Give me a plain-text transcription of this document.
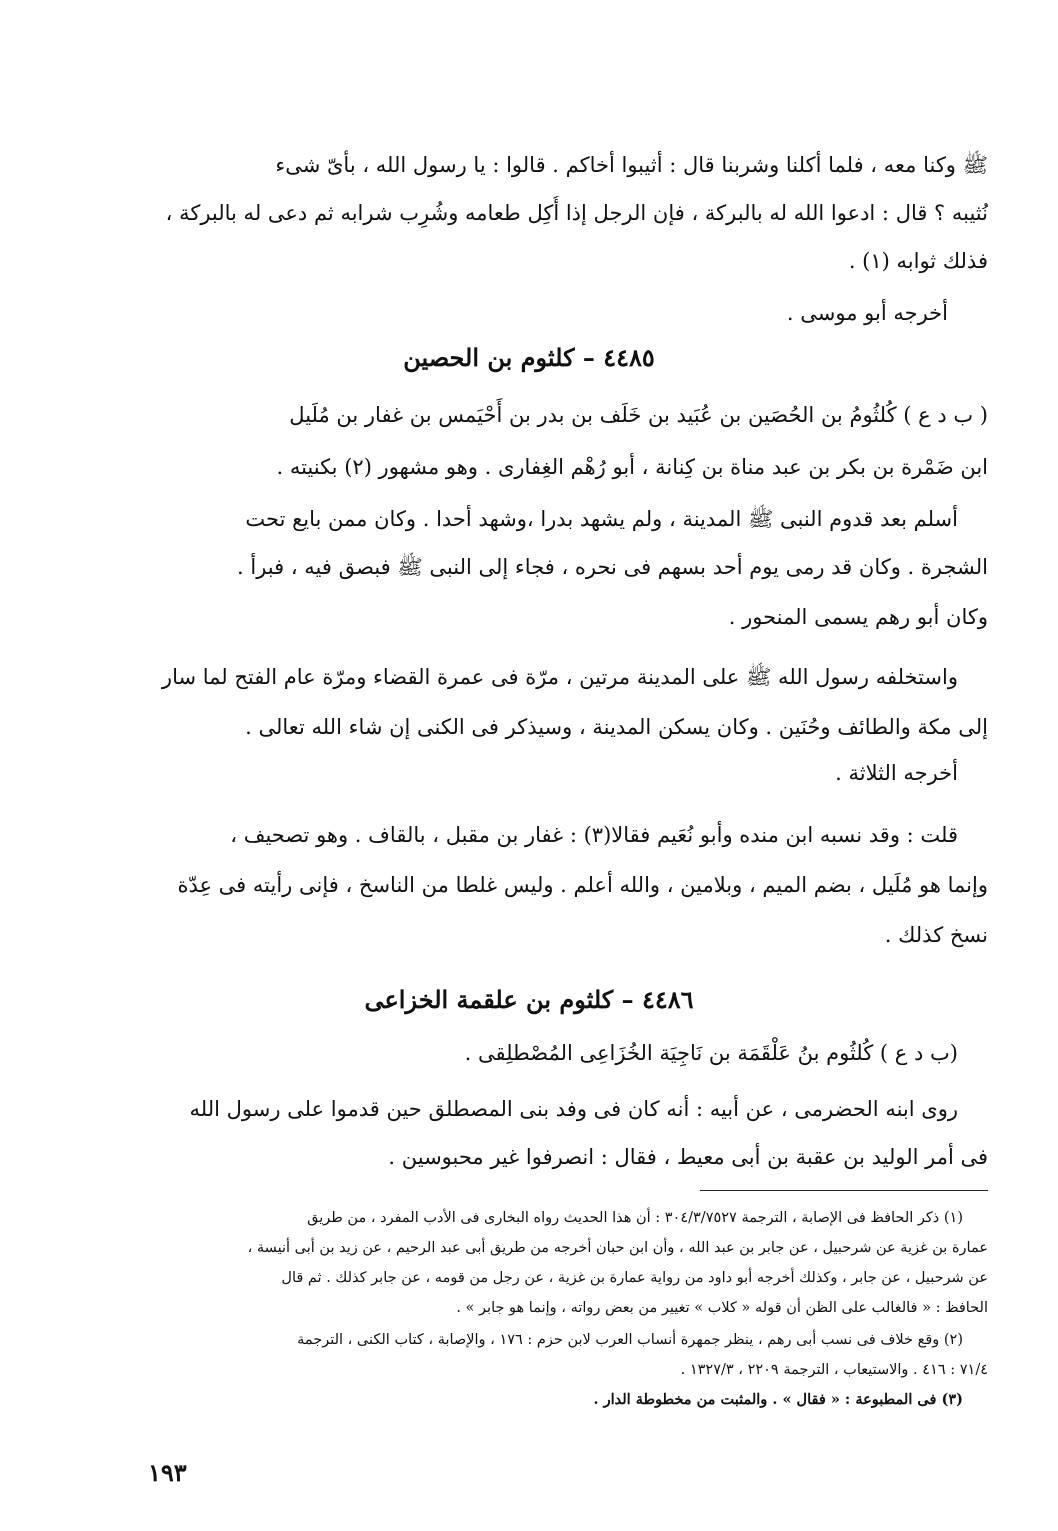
ﷺ وكنا معه ، فلما أكلنا وشربنا قال : أثيبوا أخاكم . قالوا : يا رسول الله ، بأىّ شىء
نُثيبه ؟ قال : ادعوا الله له بالبركة ، فإن الرجل إذا أُكِل طعامه وشُرِب شرابه ثم دعى له بالبركة ،
فذلك ثوابه (١) .
أخرجه أبو موسى .
٤٤٨٥ – كلثوم بن الحصين
( ب د ع ) كُلثُومُ بن الحُصَين بن عُبَيد بن خَلَف بن بدر بن أَحْيَمس بن غفار بن مُلَيل
ابن ضَمْرة بن بكر بن عبد مناة بن كِنانة ، أبو رُهْم الغِفارى . وهو مشهور (٢) بكنيته .
أسلم بعد قدوم النبى ﷺ المدينة ، ولم يشهد بدرا ،وشهد أحدا . وكان ممن بايع تحت
الشجرة . وكان قد رمى يوم أحد بسهم فى نحره ، فجاء إلى النبى ﷺ فبصق فيه ، فبرأ .
وكان أبو رهم يسمى المنحور .
واستخلفه رسول الله ﷺ على المدينة مرتين ، مرّة فى عمرة القضاء ومرّة عام الفتح لما سار
إلى مكة والطائف وحُنَين . وكان يسكن المدينة ، وسيذكر فى الكنى إن شاء الله تعالى .
أخرجه الثلاثة .
قلت : وقد نسبه ابن منده وأبو نُعَيم فقالا(٣) : غفار بن مقبل ، بالقاف . وهو تصحيف ،
وإنما هو مُلَيل ، بضم الميم ، وبلامين ، والله أعلم . وليس غلطا من الناسخ ، فإنى رأيته فى عِدّة
نسخ كذلك .
٤٤٨٦ – كلثوم بن علقمة الخزاعى
(ب د ع ) كُلثُوم بنُ عَلْقَمَة بن نَاجِيَة الخُزَاعِى المُصْطلِقى .
روى ابنه الحضرمى ، عن أبيه : أنه كان فى وفد بنى المصطلق حين قدموا على رسول الله
فى أمر الوليد بن عقبة بن أبى معيط ، فقال : انصرفوا غير محبوسين .
(١) ذكر الحافظ فى الإصابة ، الترجمة ٣٠٤/٣/٧٥٢٧ : أن هذا الحديث رواه البخارى فى الأدب المفرد ، من طريق
عمارة بن غزية عن شرحبيل ، عن جابر بن عبد الله ، وأن ابن حبان أخرجه من طريق أبى عبد الرحيم ، عن زيد بن أبى أنيسة ،
عن شرحبيل ، عن جابر ، وكذلك أخرجه أبو داود من رواية عمارة بن غزية ، عن رجل من قومه ، عن جابر كذلك . ثم قال
الحافظ : « فالغالب على الظن أن قوله « كلاب » تغيير من بعض رواته ، وإنما هو جابر » .
(٢) وقع خلاف فى نسب أبى رهم ، ينظر جمهرة أنساب العرب لابن حزم : ١٧٦ ، والإصابة ، كتاب الكنى ، الترجمة
٧١/٤ : ٤١٦ . والاستيعاب ، الترجمة ٢٢٠٩ ، ١٣٢٧/٣ .
(٣) فى المطبوعة : « فقال » . والمثبت من مخطوطة الدار .
١٩٣
